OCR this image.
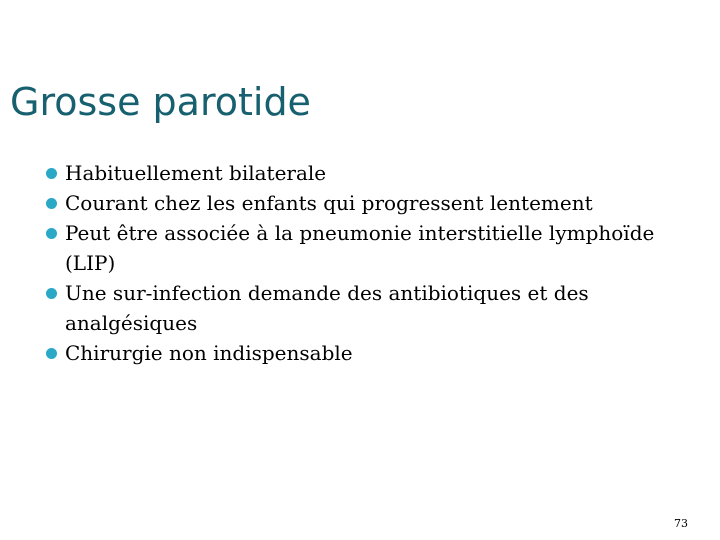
Grosse parotide
Habituellement bilaterale
Courant chez les enfants qui progressent lentement
Peut être associée à la pneumonie interstitielle lymphoïde (LIP)
Une sur-infection demande des antibiotiques et des analgésiques
Chirurgie non indispensable
73
